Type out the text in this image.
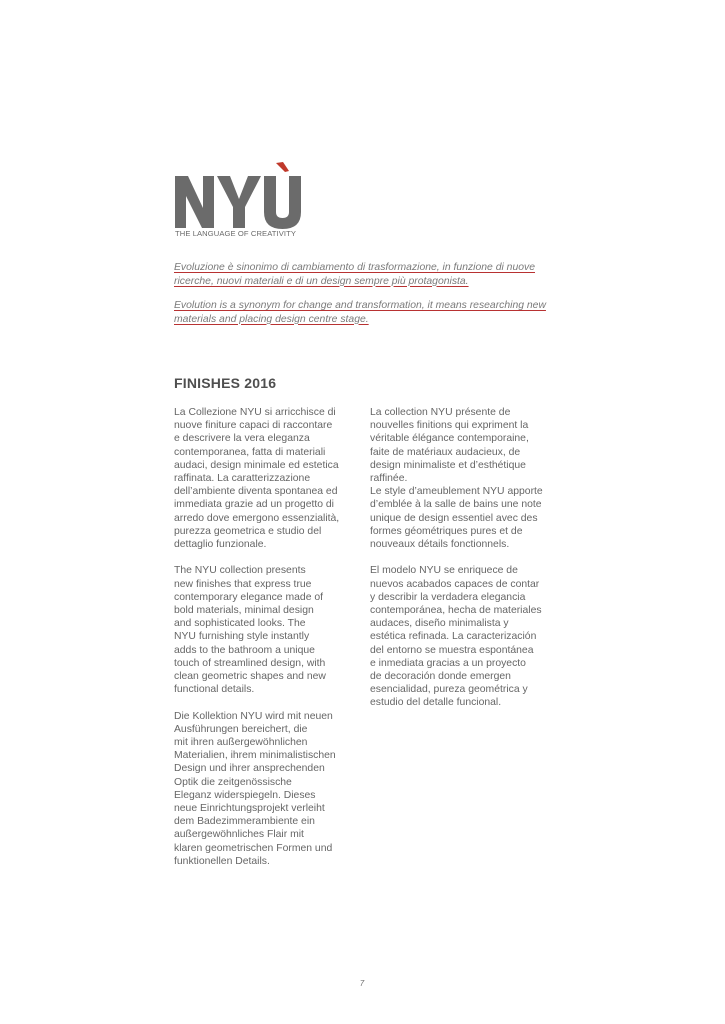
THE LANGUAGE OF CREATIVITY
Evoluzione è sinonimo di cambiamento di trasformazione, in funzione di nuove ricerche, nuovi materiali e di un design sempre più protagonista.
Evolution is a synonym for change and transformation, it means researching new materials and placing design centre stage.
FINISHES 2016

La Collezione NYU si arricchisce di
nuove finiture capaci di raccontare
e descrivere la vera eleganza
contemporanea, fatta di materiali
audaci, design minimale ed estetica
raffinata. La caratterizzazione
dell’ambiente diventa spontanea ed
immediata grazie ad un progetto di
arredo dove emergono essenzialità,
purezza geometrica e studio del
dettaglio funzionale.

The NYU collection presents
new finishes that express true
contemporary elegance made of
bold materials, minimal design
and sophisticated looks. The
NYU furnishing style instantly
adds to the bathroom a unique
touch of streamlined design, with
clean geometric shapes and new
functional details.

Die Kollektion NYU wird mit neuen
Ausführungen bereichert, die
mit ihren außergewöhnlichen
Materialien, ihrem minimalistischen
Design und ihrer ansprechenden
Optik die zeitgenössische
Eleganz widerspiegeln. Dieses
neue Einrichtungsprojekt verleiht
dem Badezimmerambiente ein
außergewöhnliches Flair mit
klaren geometrischen Formen und
funktionellen Details.

La collection NYU présente de
nouvelles finitions qui expriment la
véritable élégance contemporaine,
faite de matériaux audacieux, de
design minimaliste et d’esthétique
raffinée.
Le style d’ameublement NYU apporte
d’emblée à la salle de bains une note
unique de design essentiel avec des
formes géométriques pures et de
nouveaux détails fonctionnels.

El modelo NYU se enriquece de
nuevos acabados capaces de contar
y describir la verdadera elegancia
contemporánea, hecha de materiales
audaces, diseño minimalista y
estética refinada. La caracterización
del entorno se muestra espontánea
e inmediata gracias a un proyecto
de decoración donde emergen
esencialidad, pureza geométrica y
estudio del detalle funcional.

7
